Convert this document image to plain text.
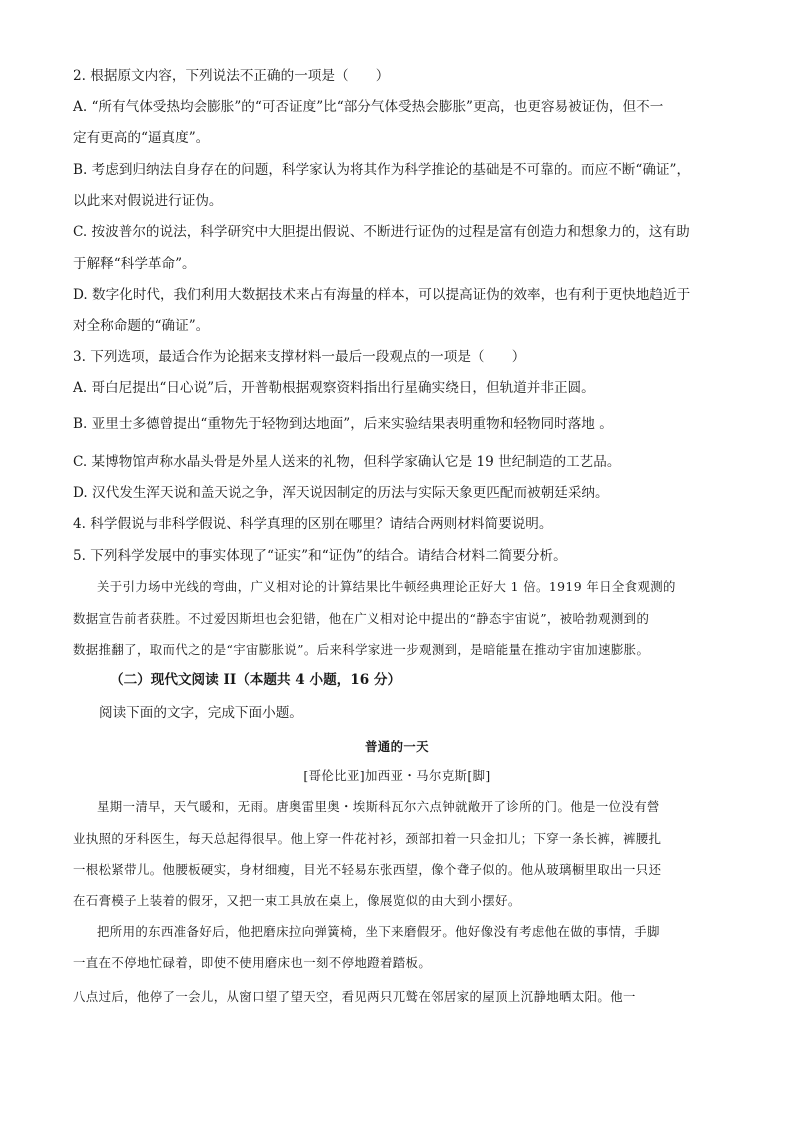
2. 根据原文内容，下列说法不正确的一项是（　　）
A. “所有气体受热均会膨胀”的“可否证度”比“部分气体受热会膨胀”更高，也更容易被证伪，但不一
定有更高的“逼真度”。
B. 考虑到归纳法自身存在的问题，科学家认为将其作为科学推论的基础是不可靠的。而应不断“确证”，
以此来对假说进行证伪。
C. 按波普尔的说法，科学研究中大胆提出假说、不断进行证伪的过程是富有创造力和想象力的，这有助
于解释“科学革命”。
D. 数字化时代，我们利用大数据技术来占有海量的样本，可以提高证伪的效率，也有利于更快地趋近于
对全称命题的“确证”。
3. 下列选项，最适合作为论据来支撑材料一最后一段观点的一项是（　　）
A. 哥白尼提出“日心说”后，开普勒根据观察资料指出行星确实绕日，但轨道并非正圆。
B. 亚里士多德曾提出“重物先于轻物到达地面”，后来实验结果表明重物和轻物同时落地 。
C. 某博物馆声称水晶头骨是外星人送来的礼物，但科学家确认它是 19 世纪制造的工艺品。
D. 汉代发生浑天说和盖天说之争，浑天说因制定的历法与实际天象更匹配而被朝廷采纳。
4. 科学假说与非科学假说、科学真理的区别在哪里？请结合两则材料简要说明。
5. 下列科学发展中的事实体现了“证实”和“证伪”的结合。请结合材料二简要分析。
关于引力场中光线的弯曲，广义相对论的计算结果比牛顿经典理论正好大 1 倍。1919 年日全食观测的
数据宣告前者获胜。不过爱因斯坦也会犯错，他在广义相对论中提出的“静态宇宙说”，被哈勃观测到的
数据推翻了，取而代之的是“宇宙膨胀说”。后来科学家进一步观测到，是暗能量在推动宇宙加速膨胀。
（二）现代文阅读 II（本题共 4 小题，16 分）
阅读下面的文字，完成下面小题。
普通的一天
[哥伦比亚]加西亚・马尔克斯[脚]
星期一清早，天气暖和，无雨。唐奥雷里奥・埃斯科瓦尔六点钟就敞开了诊所的门。他是一位没有營
业执照的牙科医生，每天总起得很早。他上穿一件花衬衫，颈部扣着一只金扣儿；下穿一条长裤，裤腰扎
一根松紧带儿。他腰板硬实，身材细瘦，目光不轻易东张西望，像个聋子似的。他从玻璃橱里取出一只还
在石膏模子上装着的假牙，又把一束工具放在桌上，像展览似的由大到小摆好。
把所用的东西准备好后，他把磨床拉向弹簧椅，坐下来磨假牙。他好像没有考虑他在做的事情，手脚
一直在不停地忙碌着，即使不使用磨床也一刻不停地蹬着踏板。
八点过后，他停了一会儿，从窗口望了望天空，看见两只兀鹫在邻居家的屋顶上沉静地晒太阳。他一
